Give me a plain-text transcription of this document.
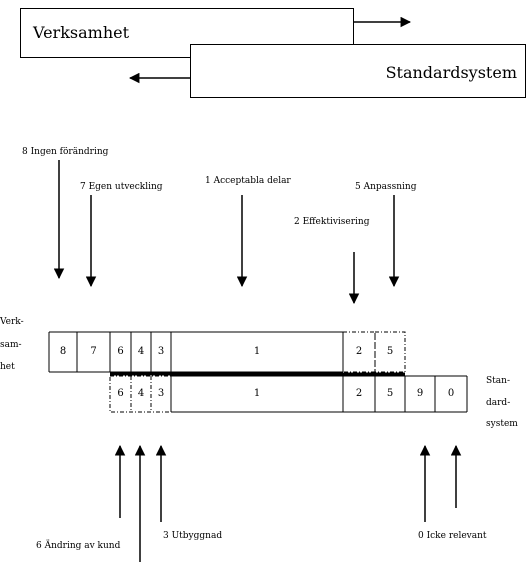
Verksamhet
Standardsystem
8 Ingen förändring
7 Egen utveckling
1 Acceptabla delar
5 Anpassning
2 Effektivisering
Verk-
sam-
het
Stan-
dard-
system
8	7	6	4	3	1	2	5
6	4	3	1	2	5	9	0
6 Ändring av kund
3 Utbyggnad	0 Icke relevant
